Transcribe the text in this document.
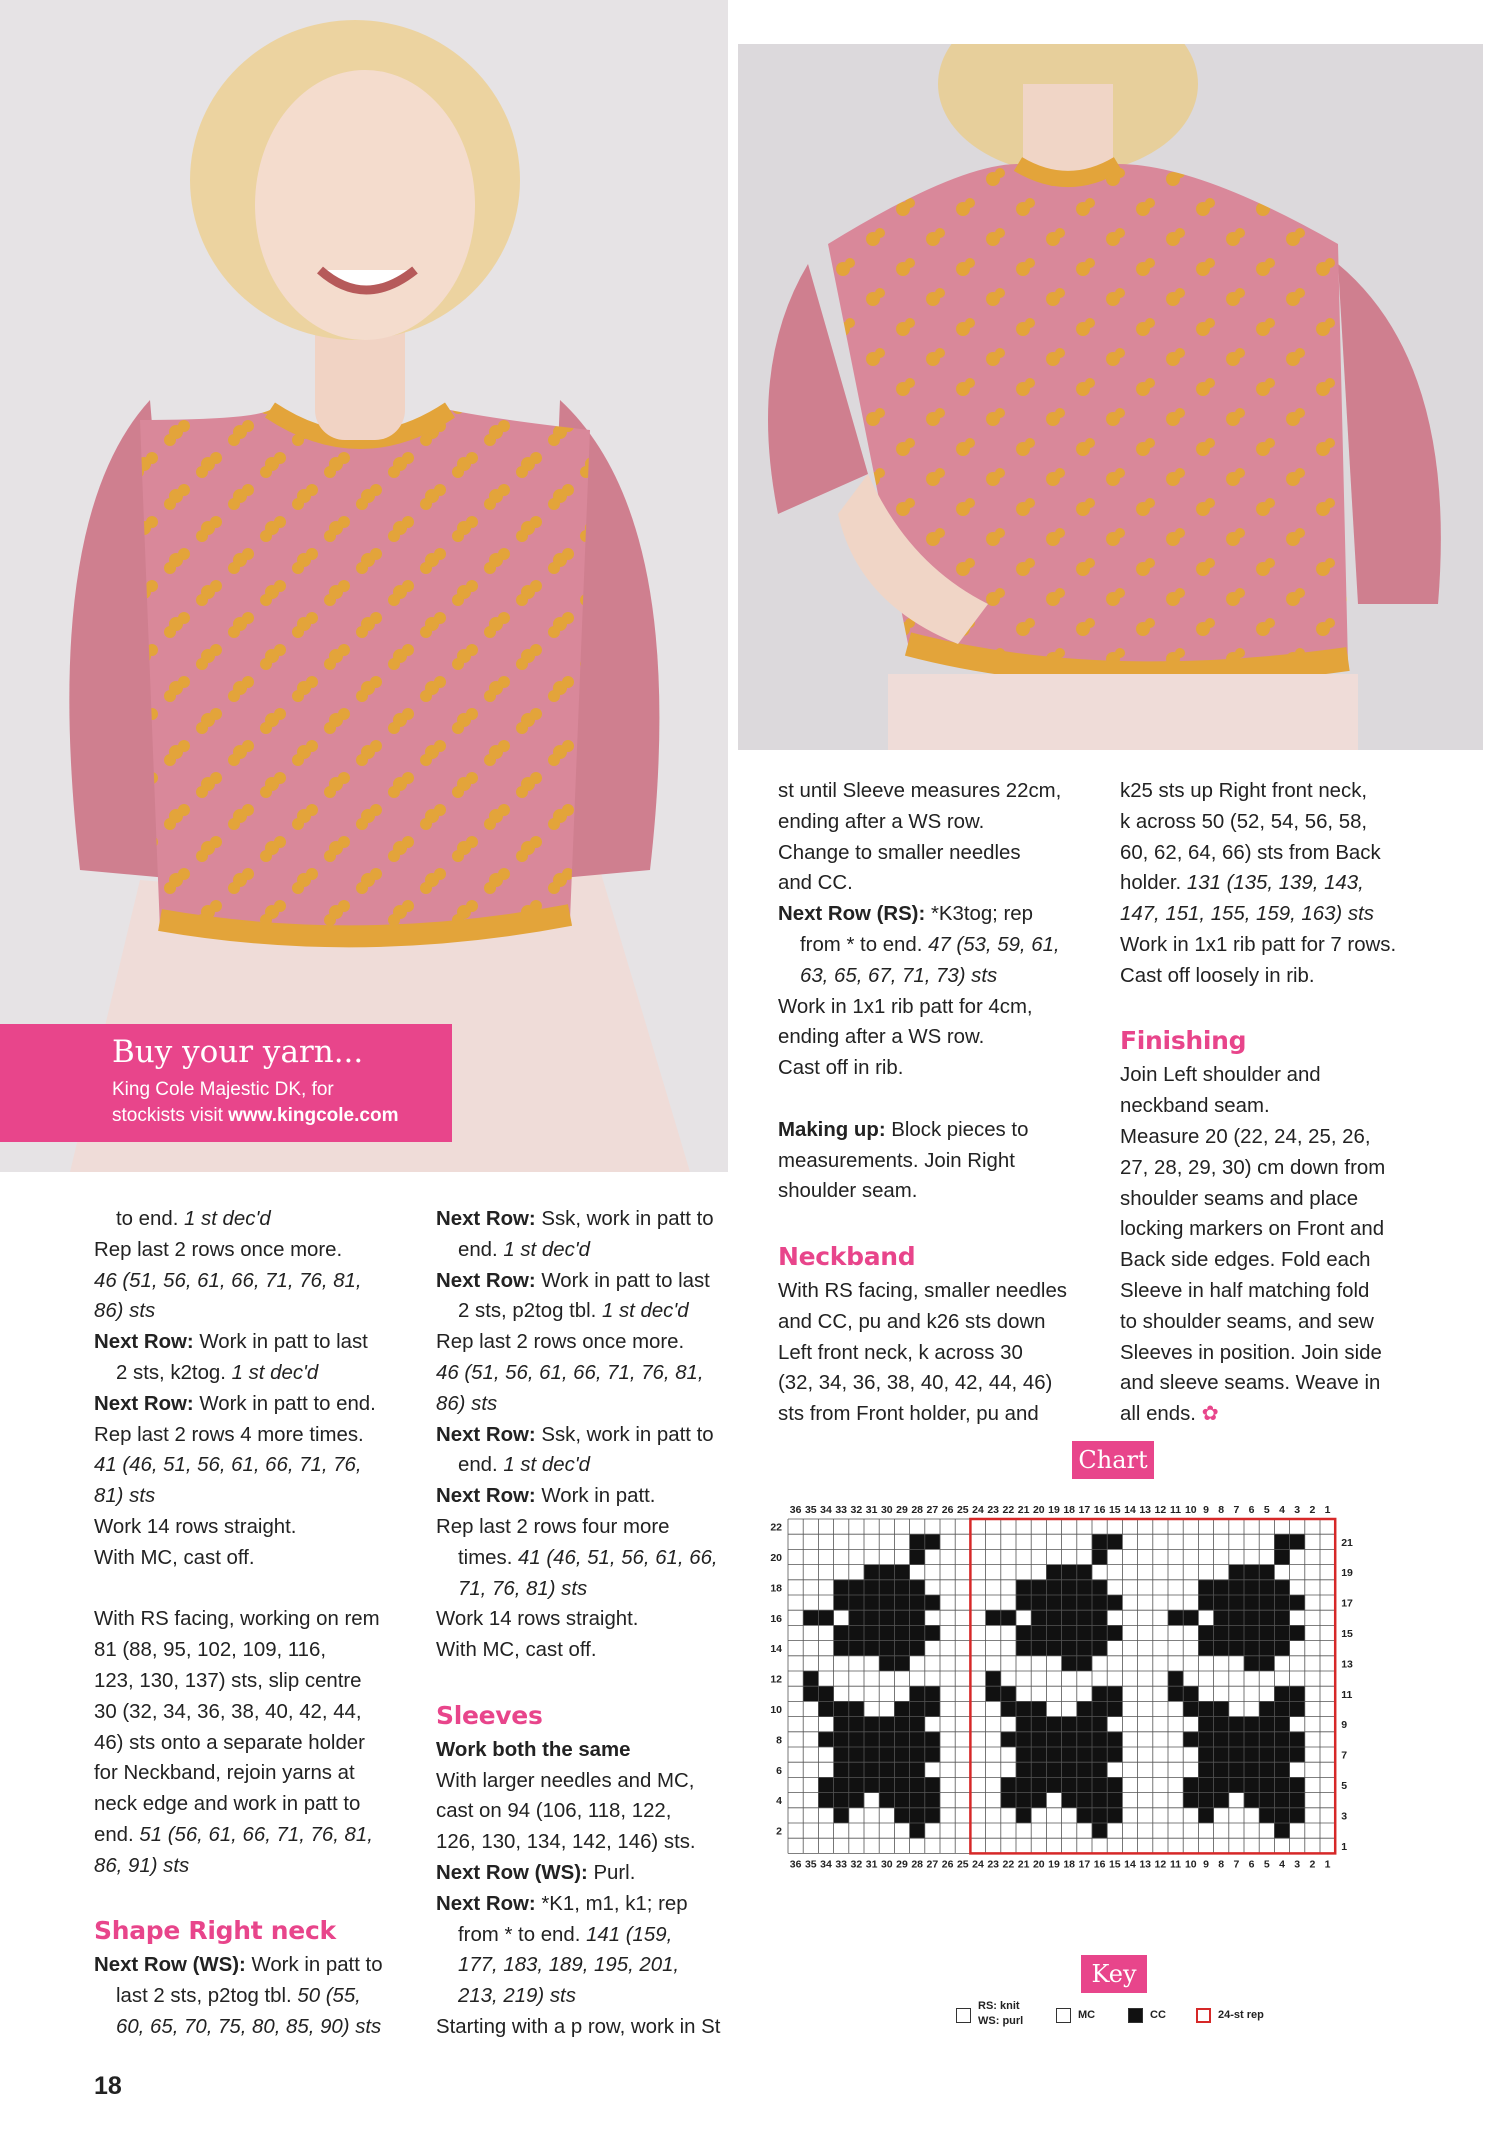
Buy your yarn...
King Cole Majestic DK, for
stockists visit www.kingcole.com

to end. 1 st dec'd

Rep last 2 rows once more.

46 (51, 56, 61, 66, 71, 76, 81,

86) sts

Next Row: Work in patt to last

2 sts, k2tog. 1 st dec'd

Next Row: Work in patt to end.

Rep last 2 rows 4 more times.

41 (46, 51, 56, 61, 66, 71, 76,

81) sts

Work 14 rows straight.

With MC, cast off.

With RS facing, working on rem

81 (88, 95, 102, 109, 116,

123, 130, 137) sts, slip centre

30 (32, 34, 36, 38, 40, 42, 44,

46) sts onto a separate holder

for Neckband, rejoin yarns at

neck edge and work in patt to

end. 51 (56, 61, 66, 71, 76, 81,

86, 91) sts

Shape Right neck

Next Row (WS): Work in patt to

last 2 sts, p2tog tbl. 50 (55,

60, 65, 70, 75, 80, 85, 90) sts

Next Row: Ssk, work in patt to

end. 1 st dec'd

Next Row: Work in patt to last

2 sts, p2tog tbl. 1 st dec'd

Rep last 2 rows once more.

46 (51, 56, 61, 66, 71, 76, 81,

86) sts

Next Row: Ssk, work in patt to

end. 1 st dec'd

Next Row: Work in patt.

Rep last 2 rows four more

times. 41 (46, 51, 56, 61, 66,

71, 76, 81) sts

Work 14 rows straight.

With MC, cast off.

Sleeves

Work both the same

With larger needles and MC,

cast on 94 (106, 118, 122,

126, 130, 134, 142, 146) sts.

Next Row (WS): Purl.

Next Row: *K1, m1, k1; rep

from * to end. 141 (159,

177, 183, 189, 195, 201,

213, 219) sts

Starting with a p row, work in St

st until Sleeve measures 22cm,

ending after a WS row.

Change to smaller needles

and CC.

Next Row (RS): *K3tog; rep

from * to end. 47 (53, 59, 61,

63, 65, 67, 71, 73) sts

Work in 1x1 rib patt for 4cm,

ending after a WS row.

Cast off in rib.

Making up: Block pieces to

measurements. Join Right

shoulder seam.

Neckband

With RS facing, smaller needles

and CC, pu and k26 sts down

Left front neck, k across 30

(32, 34, 36, 38, 40, 42, 44, 46)

sts from Front holder, pu and

k25 sts up Right front neck,

k across 50 (52, 54, 56, 58,

60, 62, 64, 66) sts from Back

holder. 131 (135, 139, 143,

147, 151, 155, 159, 163) sts

Work in 1x1 rib patt for 7 rows.

Cast off loosely in rib.

Finishing

Join Left shoulder and

neckband seam.

Measure 20 (22, 24, 25, 26,

27, 28, 29, 30) cm down from

shoulder seams and place

locking markers on Front and

Back side edges. Fold each

Sleeve in half matching fold

to shoulder seams, and sew

Sleeves in position. Join side

and sleeve seams. Weave in

all ends. ✿

Chart
36
36
35
35
34
34
33
33
32
32
31
31
30
30
29
29
28
28
27
27
26
26
25
25
24
24
23
23
22
22
21
21
20
20
19
19
18
18
17
17
16
16
15
15
14
14
13
13
12
12
11
11
10
10
9
9
8
8
7
7
6
6
5
5
4
4
3
3
2
2
1
1
22
20
18
16
14
12
10
8
6
4
2
21
19
17
15
13
11
9
7
5
3
1
Key
RS: knit
WS: purl	MC	CC	24-st rep
18
